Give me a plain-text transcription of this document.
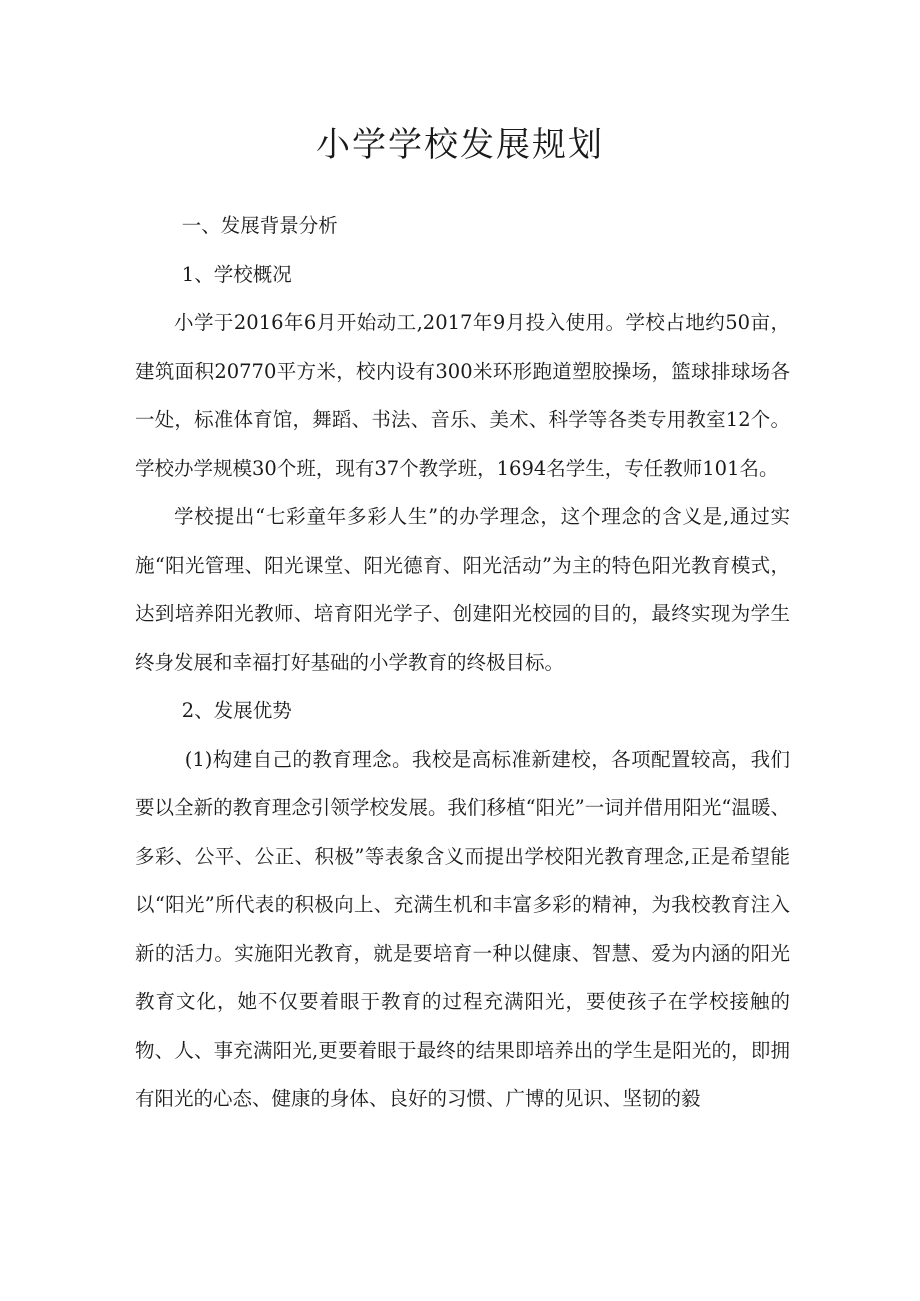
小学学校发展规划

一、发展背景分析

1、学校概况

小学于2016年6月开始动工,2017年9月投入使用。学校占地约50亩，建筑面积20770平方米，校内设有300米环形跑道塑胶操场，篮球排球场各一处，标准体育馆，舞蹈、书法、音乐、美术、科学等各类专用教室12个。学校办学规模30个班，现有37个教学班，1694名学生，专任教师101名。

学校提出“七彩童年多彩人生”的办学理念，这个理念的含义是,通过实施“阳光管理、阳光课堂、阳光德育、阳光活动”为主的特色阳光教育模式，达到培养阳光教师、培育阳光学子、创建阳光校园的目的，最终实现为学生终身发展和幸福打好基础的小学教育的终极目标。

2、发展优势

(1)构建自己的教育理念。我校是高标准新建校，各项配置较高，我们要以全新的教育理念引领学校发展。我们移植“阳光”一词并借用阳光“温暖、多彩、公平、公正、积极”等表象含义而提出学校阳光教育理念,正是希望能以“阳光”所代表的积极向上、充满生机和丰富多彩的精神，为我校教育注入新的活力。实施阳光教育，就是要培育一种以健康、智慧、爱为内涵的阳光教育文化，她不仅要着眼于教育的过程充满阳光，要使孩子在学校接触的物、人、事充满阳光,更要着眼于最终的结果即培养出的学生是阳光的，即拥有阳光的心态、健康的身体、良好的习惯、广博的见识、坚韧的毅
